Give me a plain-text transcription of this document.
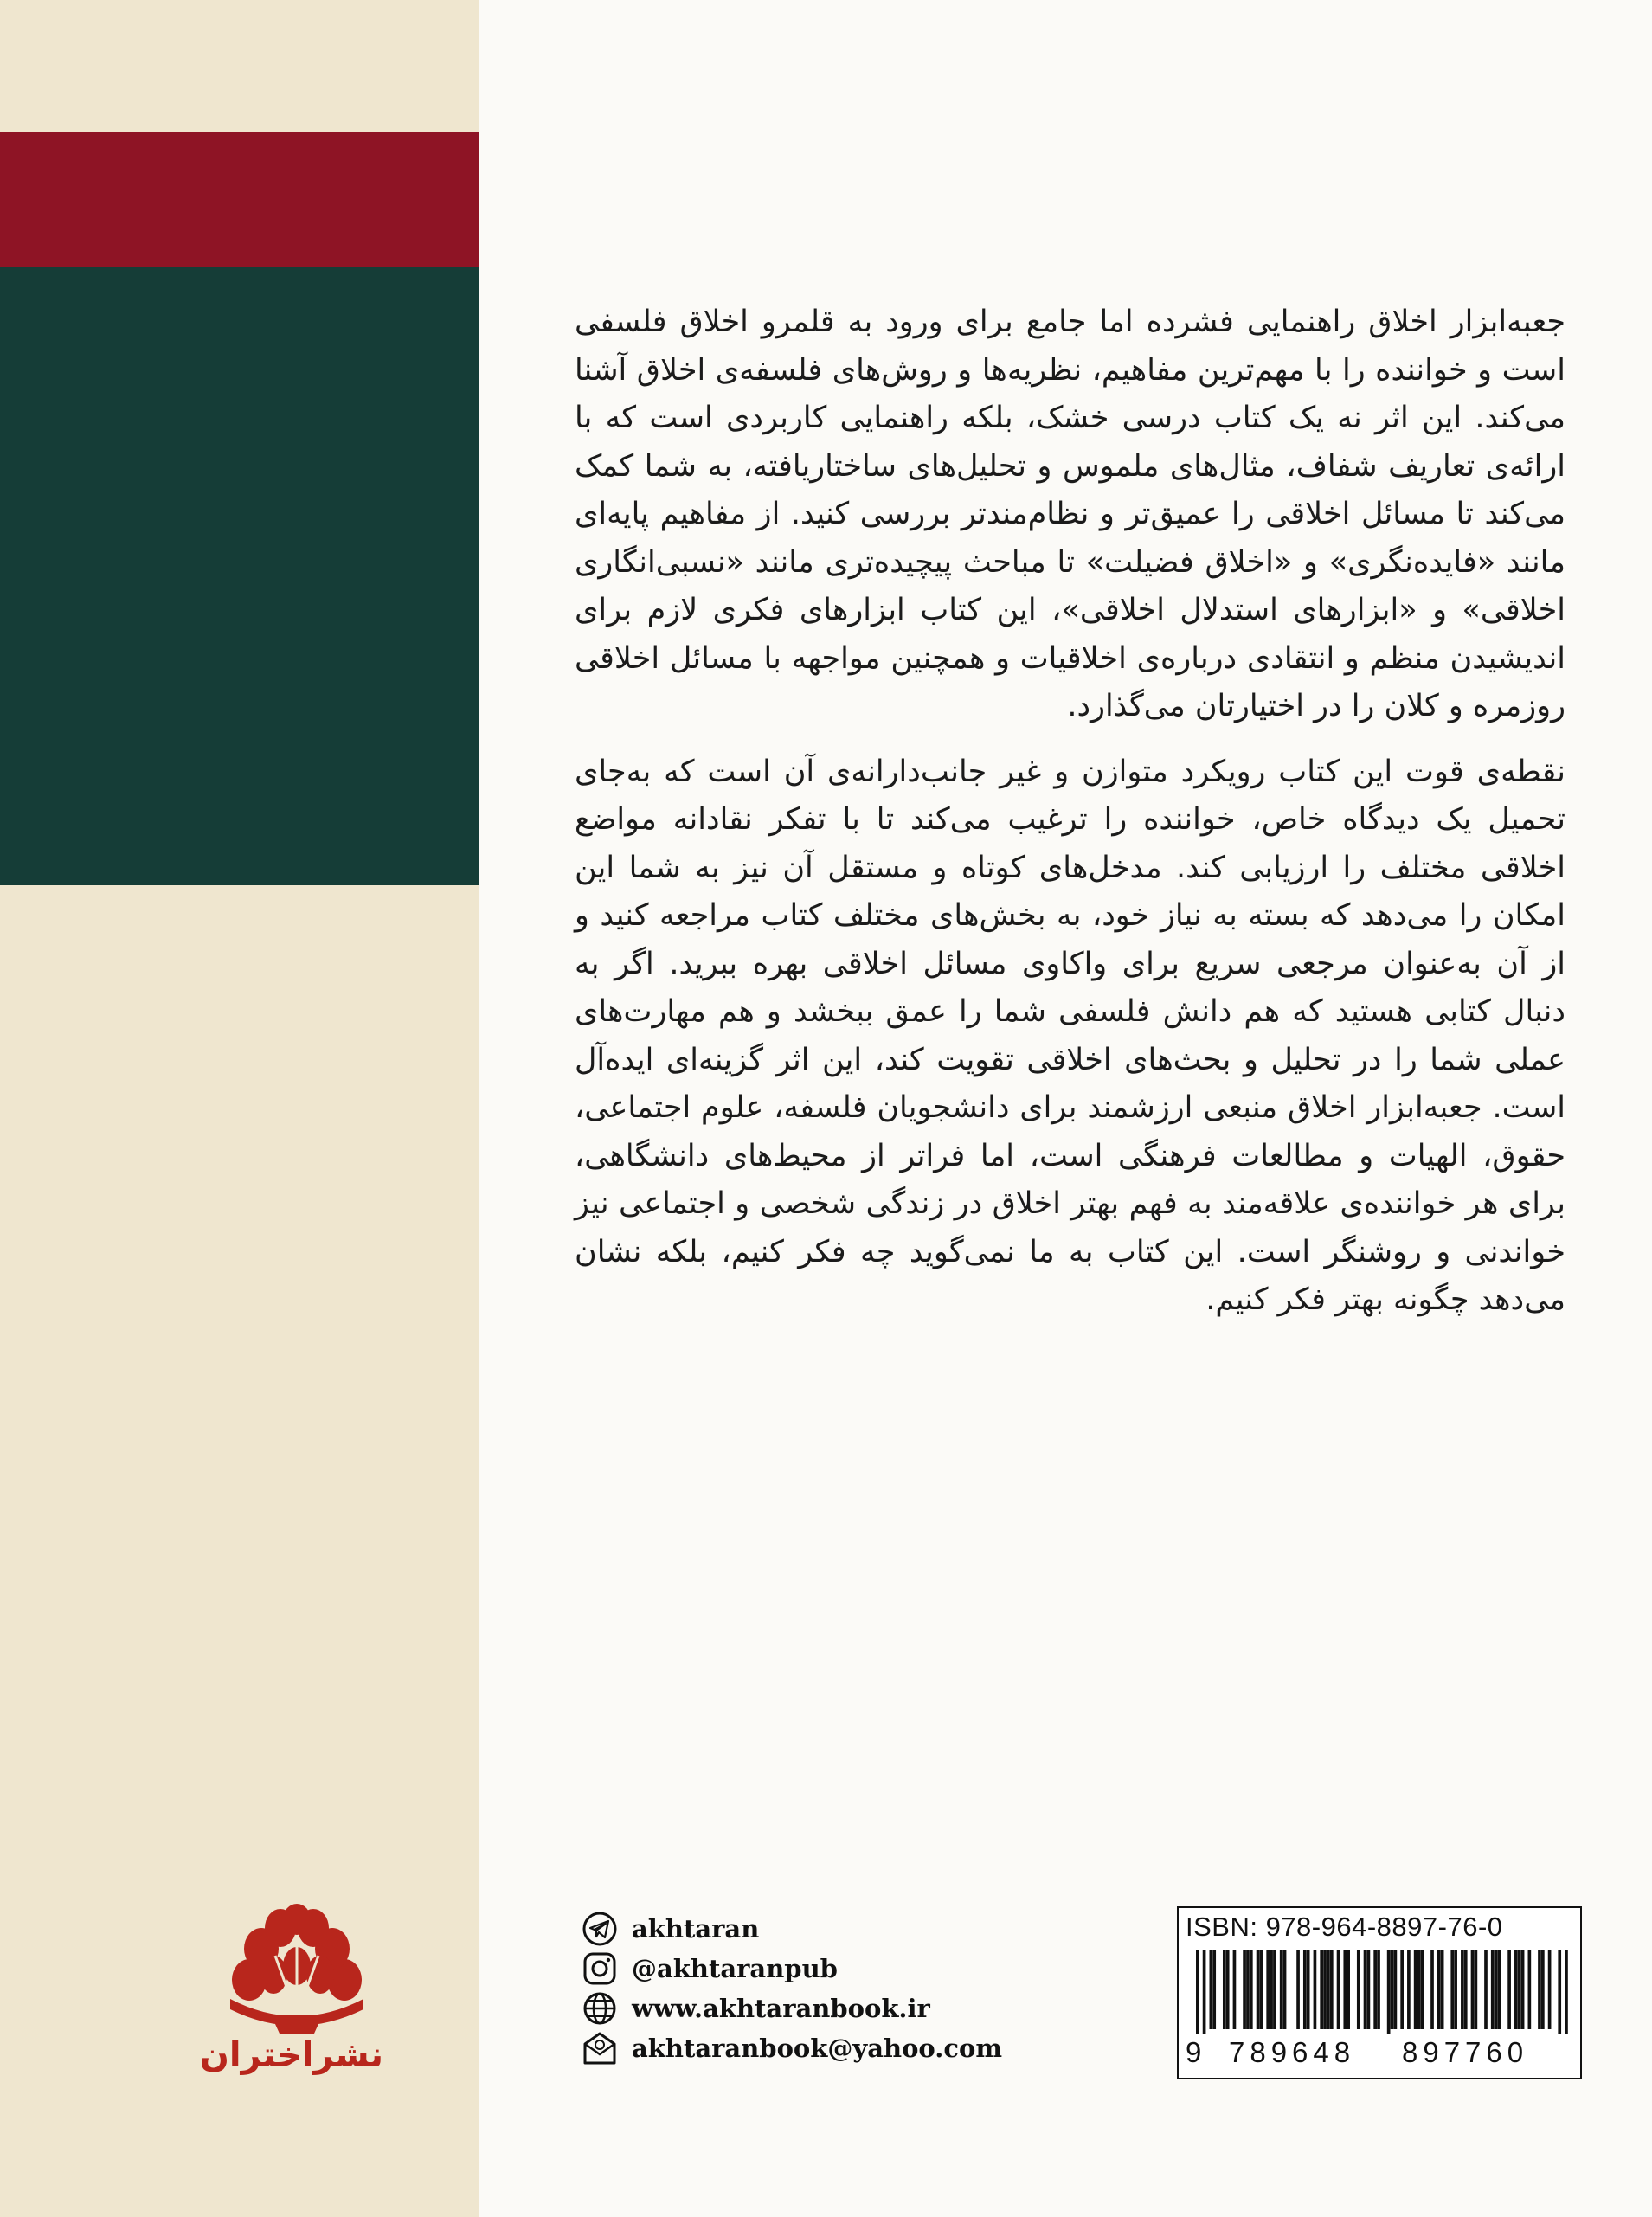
نشراختران

جعبه‌ابزار اخلاق راهنمایی فشرده اما جامع برای ورود به قلمرو اخلاق فلسفی است و خواننده را با مهم‌ترین مفاهیم، نظریه‌ها و روش‌های فلسفه‌ی اخلاق آشنا می‌کند. این اثر نه یک کتاب درسی خشک، بلکه راهنمایی کاربردی است که با ارائه‌ی تعاریف شفاف، مثال‌های ملموس و تحلیل‌های ساختاریافته، به شما کمک می‌کند تا مسائل اخلاقی را عمیق‌تر و نظام‌مندتر بررسی کنید. از مفاهیم پایه‌ای مانند «فایده‌نگری» و «اخلاق فضیلت» تا مباحث پیچیده‌تری مانند «نسبی‌انگاری اخلاقی» و «ابزارهای استدلال اخلاقی»، این کتاب ابزارهای فکری لازم برای اندیشیدن منظم و انتقادی درباره‌ی اخلاقیات و همچنین مواجهه با مسائل اخلاقی روزمره و کلان را در اختیارتان می‌گذارد.

نقطه‌ی قوت این کتاب رویکرد متوازن و غیر جانب‌دارانه‌ی آن است که به‌جای تحمیل یک دیدگاه خاص، خواننده را ترغیب می‌کند تا با تفکر نقادانه مواضع اخلاقی مختلف را ارزیابی کند. مدخل‌های کوتاه و مستقل آن نیز به شما این امکان را می‌دهد که بسته به نیاز خود، به بخش‌های مختلف کتاب مراجعه کنید و از آن به‌عنوان مرجعی سریع برای واکاوی مسائل اخلاقی بهره ببرید. اگر به دنبال کتابی هستید که هم دانش فلسفی شما را عمق ببخشد و هم مهارت‌های عملی شما را در تحلیل و بحث‌های اخلاقی تقویت کند، این اثر گزینه‌ای ایده‌آل است. جعبه‌ابزار اخلاق منبعی ارزشمند برای دانشجویان فلسفه، علوم اجتماعی، حقوق، الهیات و مطالعات فرهنگی است، اما فراتر از محیط‌های دانشگاهی، برای هر خواننده‌ی علاقه‌مند به فهم بهتر اخلاق در زندگی شخصی و اجتماعی نیز خواندنی و روشنگر است. این کتاب به ما نمی‌گوید چه فکر کنیم، بلکه نشان می‌دهد چگونه بهتر فکر کنیم.

akhtaran
@akhtaranpub
www.akhtaranbook.ir
akhtaranbook@yahoo.com
ISBN: 978-964-8897-76-0
9 789648 897760
